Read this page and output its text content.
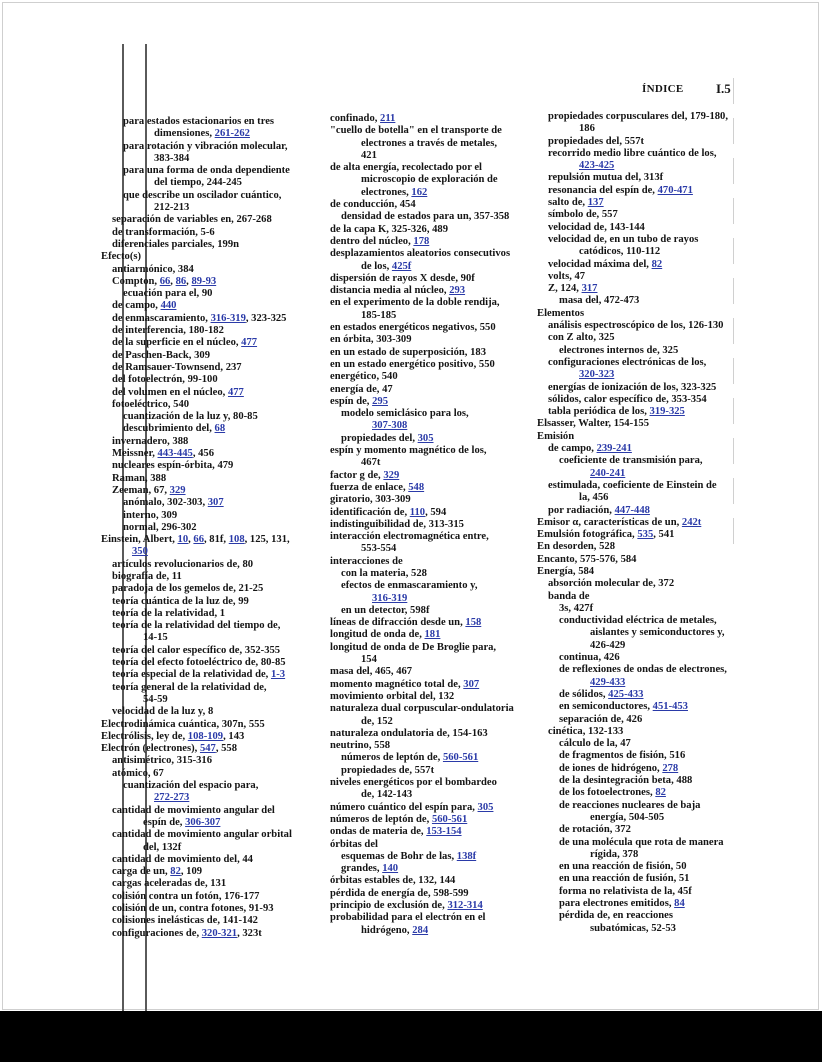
ÍNDICE I.5
para estados estacionarios en tres
dimensiones, 261-262
para rotación y vibración molecular,
383-384
para una forma de onda dependiente
del tiempo, 244-245
que describe un oscilador cuántico,
212-213
separación de variables en, 267-268
de transformación, 5-6
diferenciales parciales, 199n
Efecto(s)
antiarmónico, 384
Compton, 66, 86, 89-93
ecuación para el, 90
de campo, 440
de enmascaramiento, 316-319, 323-325
de interferencia, 180-182
de la superficie en el núcleo, 477
de Paschen-Back, 309
de Ramsauer-Townsend, 237
del fotoelectrón, 99-100
del volumen en el núcleo, 477
fotoeléctrico, 540
cuantización de la luz y, 80-85
descubrimiento del, 68
invernadero, 388
Meissner, 443-445, 456
nucleares espín-órbita, 479
Raman, 388
Zeeman, 67, 329
anómalo, 302-303, 307
interno, 309
normal, 296-302
Einstein, Albert, 10, 66, 81f, 108, 125, 131,
350
artículos revolucionarios de, 80
biografía de, 11
paradoja de los gemelos de, 21-25
teoría cuántica de la luz de, 99
teoría de la relatividad, 1
teoría de la relatividad del tiempo de,
14-15
teoría del calor específico de, 352-355
teoría del efecto fotoeléctrico de, 80-85
teoría especial de la relatividad de, 1-3
teoría general de la relatividad de,
54-59
velocidad de la luz y, 8
Electrodinámica cuántica, 307n, 555
Electrólisis, ley de, 108-109, 143
Electrón (electrones), 547, 558
antisimétrico, 315-316
atómico, 67
cuantización del espacio para,
272-273
cantidad de movimiento angular del
espín de, 306-307
cantidad de movimiento angular orbital
del, 132f
cantidad de movimiento del, 44
carga de un, 82, 109
cargas aceleradas de, 131
colisión contra un fotón, 176-177
colisión de un, contra fotones, 91-93
colisiones inelásticas de, 141-142
configuraciones de, 320-321, 323t
confinado, 211
"cuello de botella" en el transporte de
electrones a través de metales,
421
de alta energía, recolectado por el
microscopio de exploración de
electrones, 162
de conducción, 454
densidad de estados para un, 357-358
de la capa K, 325-326, 489
dentro del núcleo, 178
desplazamientos aleatorios consecutivos
de los, 425f
dispersión de rayos X desde, 90f
distancia media al núcleo, 293
en el experimento de la doble rendija,
185-185
en estados energéticos negativos, 550
en órbita, 303-309
en un estado de superposición, 183
en un estado energético positivo, 550
energético, 540
energía de, 47
espín de, 295
modelo semiclásico para los,
307-308
propiedades del, 305
espín y momento magnético de los,
467t
factor g de, 329
fuerza de enlace, 548
giratorio, 303-309
identificación de, 110, 594
indistinguibilidad de, 313-315
interacción electromagnética entre,
553-554
interacciones de
con la materia, 528
efectos de enmascaramiento y,
316-319
en un detector, 598f
líneas de difracción desde un, 158
longitud de onda de, 181
longitud de onda de De Broglie para,
154
masa del, 465, 467
momento magnético total de, 307
movimiento orbital del, 132
naturaleza dual corpuscular-ondulatoria
de, 152
naturaleza ondulatoria de, 154-163
neutrino, 558
números de leptón de, 560-561
propiedades de, 557t
niveles energéticos por el bombardeo
de, 142-143
número cuántico del espín para, 305
números de leptón de, 560-561
ondas de materia de, 153-154
órbitas del
esquemas de Bohr de las, 138f
grandes, 140
órbitas estables de, 132, 144
pérdida de energía de, 598-599
principio de exclusión de, 312-314
probabilidad para el electrón en el
hidrógeno, 284
propiedades corpusculares del, 179-180,
186
propiedades del, 557t
recorrido medio libre cuántico de los,
423-425
repulsión mutua del, 313f
resonancia del espín de, 470-471
salto de, 137
símbolo de, 557
velocidad de, 143-144
velocidad de, en un tubo de rayos
catódicos, 110-112
velocidad máxima del, 82
volts, 47
Z, 124, 317
masa del, 472-473
Elementos
análisis espectroscópico de los, 126-130
con Z alto, 325
electrones internos de, 325
configuraciones electrónicas de los,
320-323
energías de ionización de los, 323-325
sólidos, calor específico de, 353-354
tabla periódica de los, 319-325
Elsasser, Walter, 154-155
Emisión
de campo, 239-241
coeficiente de transmisión para,
240-241
estimulada, coeficiente de Einstein de
la, 456
por radiación, 447-448
Emisor α, características de un, 242t
Emulsión fotográfica, 535, 541
En desorden, 528
Encanto, 575-576, 584
Energía, 584
absorción molecular de, 372
banda de
3s, 427f
conductividad eléctrica de metales,
aislantes y semiconductores y,
426-429
continua, 426
de reflexiones de ondas de electrones,
429-433
de sólidos, 425-433
en semiconductores, 451-453
separación de, 426
cinética, 132-133
cálculo de la, 47
de fragmentos de fisión, 516
de iones de hidrógeno, 278
de la desintegración beta, 488
de los fotoelectrones, 82
de reacciones nucleares de baja
energía, 504-505
de rotación, 372
de una molécula que rota de manera
rígida, 378
en una reacción de fisión, 50
en una reacción de fusión, 51
forma no relativista de la, 45f
para electrones emitidos, 84
pérdida de, en reacciones
subatómicas, 52-53
